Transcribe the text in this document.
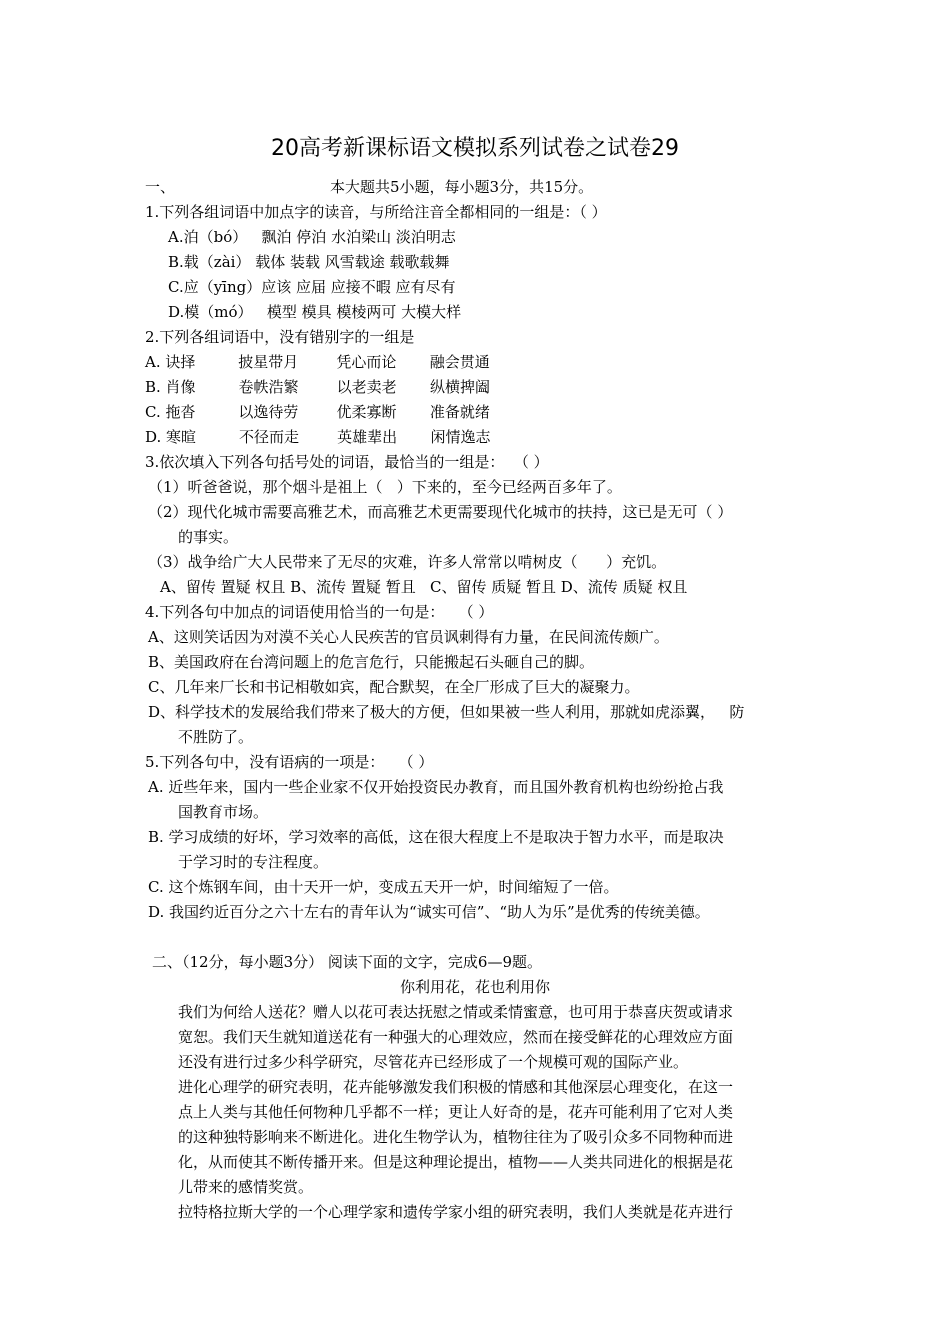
20高考新课标语文模拟系列试卷之试卷29
一、	本大题共5小题，每小题3分，共15分。
1.下列各组词语中加点字的读音，与所给注音全都相同的一组是：（ ）
A.泊（bó）   飘泊 停泊 水泊梁山 淡泊明志
B.载（zài） 载体 装载 风雪载途 载歌载舞
C.应（yīng）应该 应届 应接不暇 应有尽有
D.模（mó）   模型 模具 模棱两可 大模大样
2.下列各组词语中，没有错别字的一组是
A. 诀择         披星带月        凭心而论       融会贯通
B. 肖像         卷帙浩繁        以老卖老       纵横捭阖
C. 拖沓         以逸待劳        优柔寡断       准备就绪
D. 寒暄         不径而走        英雄辈出       闲情逸志
3.依次填入下列各句括号处的词语，最恰当的一组是：  （ ）
（1）听爸爸说，那个烟斗是祖上（   ）下来的，至今已经两百多年了。
（2）现代化城市需要高雅艺术，而高雅艺术更需要现代化城市的扶持，这已是无可（ ）
的事实。
（3）战争给广大人民带来了无尽的灾难，许多人常常以啃树皮（      ）充饥。
A、留传 置疑 权且 B、流传 置疑 暂且   C、留传 质疑 暂且 D、流传 质疑 权且
4.下列各句中加点的词语使用恰当的一句是：   （ ）
A、这则笑话因为对漠不关心人民疾苦的官员讽刺得有力量，在民间流传颇广。
B、美国政府在台湾问题上的危言危行，只能搬起石头砸自己的脚。
C、几年来厂长和书记相敬如宾，配合默契，在全厂形成了巨大的凝聚力。
D、科学技术的发展给我们带来了极大的方便，但如果被一些人利用，那就如虎添翼，   防
不胜防了。
5.下列各句中，没有语病的一项是：   （ ）
A. 近些年来，国内一些企业家不仅开始投资民办教育，而且国外教育机构也纷纷抢占我
国教育市场。
B. 学习成绩的好坏，学习效率的高低，这在很大程度上不是取决于智力水平，而是取决
于学习时的专注程度。
C. 这个炼钢车间，由十天开一炉，变成五天开一炉，时间缩短了一倍。
D. 我国约近百分之六十左右的青年认为“诚实可信”、“助人为乐”是优秀的传统美德。
二、（12分，每小题3分） 阅读下面的文字，完成6—9题。
你利用花，花也利用你
我们为何给人送花？赠人以花可表达抚慰之情或柔情蜜意，也可用于恭喜庆贺或请求
宽恕。我们天生就知道送花有一种强大的心理效应，然而在接受鲜花的心理效应方面
还没有进行过多少科学研究，尽管花卉已经形成了一个规模可观的国际产业。
进化心理学的研究表明，花卉能够激发我们积极的情感和其他深层心理变化，在这一
点上人类与其他任何物种几乎都不一样；更让人好奇的是，花卉可能利用了它对人类
的这种独特影响来不断进化。进化生物学认为，植物往往为了吸引众多不同物种而进
化，从而使其不断传播开来。但是这种理论提出，植物——人类共同进化的根据是花
儿带来的感情奖赏。
拉特格拉斯大学的一个心理学家和遗传学家小组的研究表明，我们人类就是花卉进行
